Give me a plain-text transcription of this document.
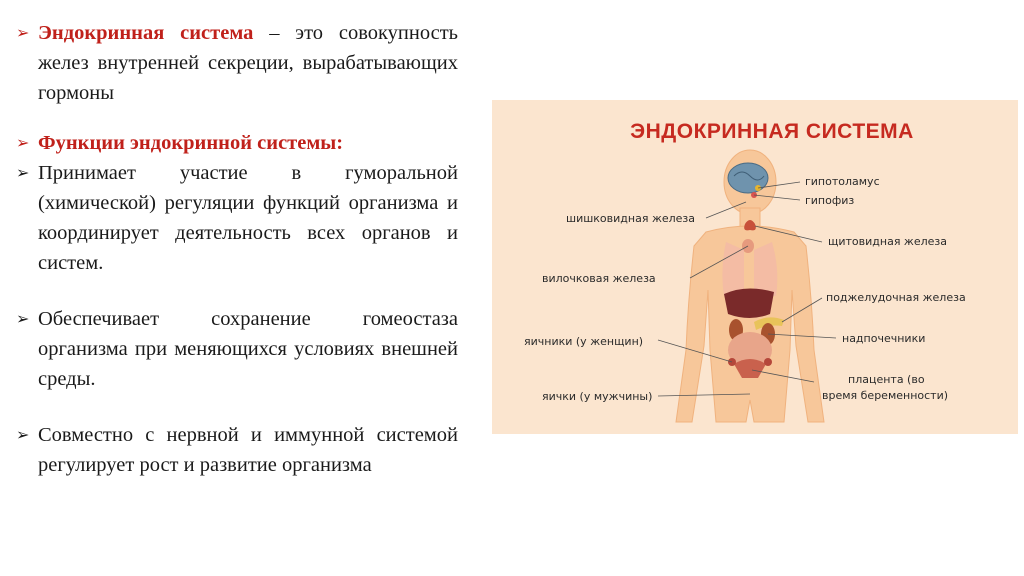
➢ Эндокринная система – это совокупность желез внутренней секреции, вырабатывающих гормоны
➢ Функции эндокринной системы:
➢ Принимает участие в гуморальной (химической) регуляции функций организма и координирует деятельность всех органов и систем.
➢ Обеспечивает сохранение гомеостаза организма при меняющихся условиях внешней среды.
➢ Совместно с нервной и иммунной системой регулирует рост и развитие организма
ЭНДОКРИННАЯ СИСТЕМА
гипотоламус
гипофиз
шишковидная железа
щитовидная железа
вилочковая железа
поджелудочная железа
надпочечники
яичники (у женщин)
плацента (во
время беременности)
яички (у мужчины)
